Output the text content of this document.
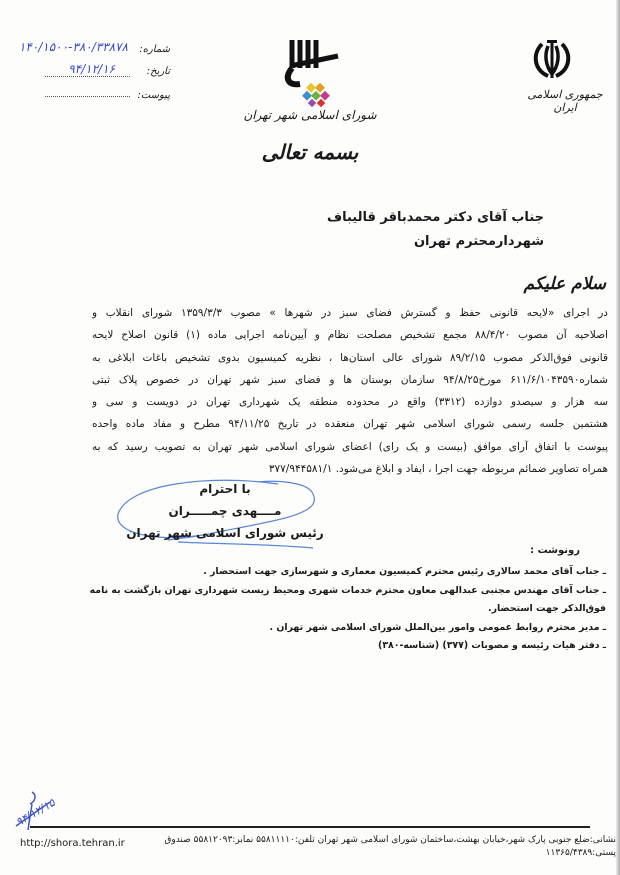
جمهوری اسلامی ایران
شورای اسلامی شهر تهران
بسمه تعالی
شماره:
۱۴۰/۱۵۰۰-۳۸۰/۳۳۸۷۸
تاریخ:
۹۴/۱۲/۱۶
پیوست:
جناب آقای دکتر محمدباقر قالیباف
شهردارمحترم تهران
سلام علیکم
در اجرای «لایحه قانونی حفظ و گسترش فضای سبز در شهرها » مصوب ۱۳۵۹/۳/۳ شورای انقلاب و
اصلاحیه آن مصوب ۸۸/۴/۲۰ مجمع تشخیص مصلحت نظام و آیین‌نامه اجرایی ماده (۱) قانون اصلاح لایحه
قانونی فوق‌الذکر مصوب ۸۹/۲/۱۵ شورای عالی استان‌ها ، نظریه کمیسیون بدوی تشخیص باغات ابلاغی به
شماره۶۱۱/۶/۱۰۴۳۵۹۰ مورخ۹۴/۸/۲۵ سازمان بوستان ها و فضای سبز شهر تهران در خصوص پلاک ثبتی
سه هزار و سیصدو دوازده (۳۳۱۲) واقع در محدوده منطقه یک شهرداری تهران در دویست و سی و
هشتمین جلسه رسمی شورای اسلامی شهر تهران منعقده در تاریخ ۹۴/۱۱/۲۵ مطرح و مفاد ماده واحده
پیوست با اتفاق آرای موافق (بیست و یک رای) اعضای شورای اسلامی شهر تهران به تصویب رسید که به
همراه تصاویر ضمائم مربوطه جهت اجرا ، ایفاد و ابلاغ می‌شود. ۳۷۷/۹۴۴۵۸۱/۱
با احترام
مــــهدی چمـــــران
رئیس شورای اسلامی شهر تهران
رونوشت :
ـ جناب آقای محمد سالاری رئیس محترم کمیسیون معماری و شهرسازی جهت استحضار .
ـ جناب آقای مهندس مجتبی عبدالهی معاون محترم خدمات شهری ومحیط زیست شهرداری تهران بازگشت به نامه
فوق‌الذکر جهت استحضار.
ـ مدیر محترم روابط عمومی وامور بین‌الملل شورای اسلامی شهر تهران .
ـ دفتر هیات رئیسه و مصوبات (۳۷۷) (شناسه-۳۸۰)
۹۴/۱۲/۱۵
http://shora.tehran.ir	نشانی:ضلع جنوبی پارک شهر،خیابان بهشت،ساختمان شورای اسلامی شهر تهران تلفن:۵۵۸۱۱۱۱۰ نمابر:۵۵۸۱۲۰۹۳ صندوق پستی:۱۱۳۶۵/۴۳۸۹
